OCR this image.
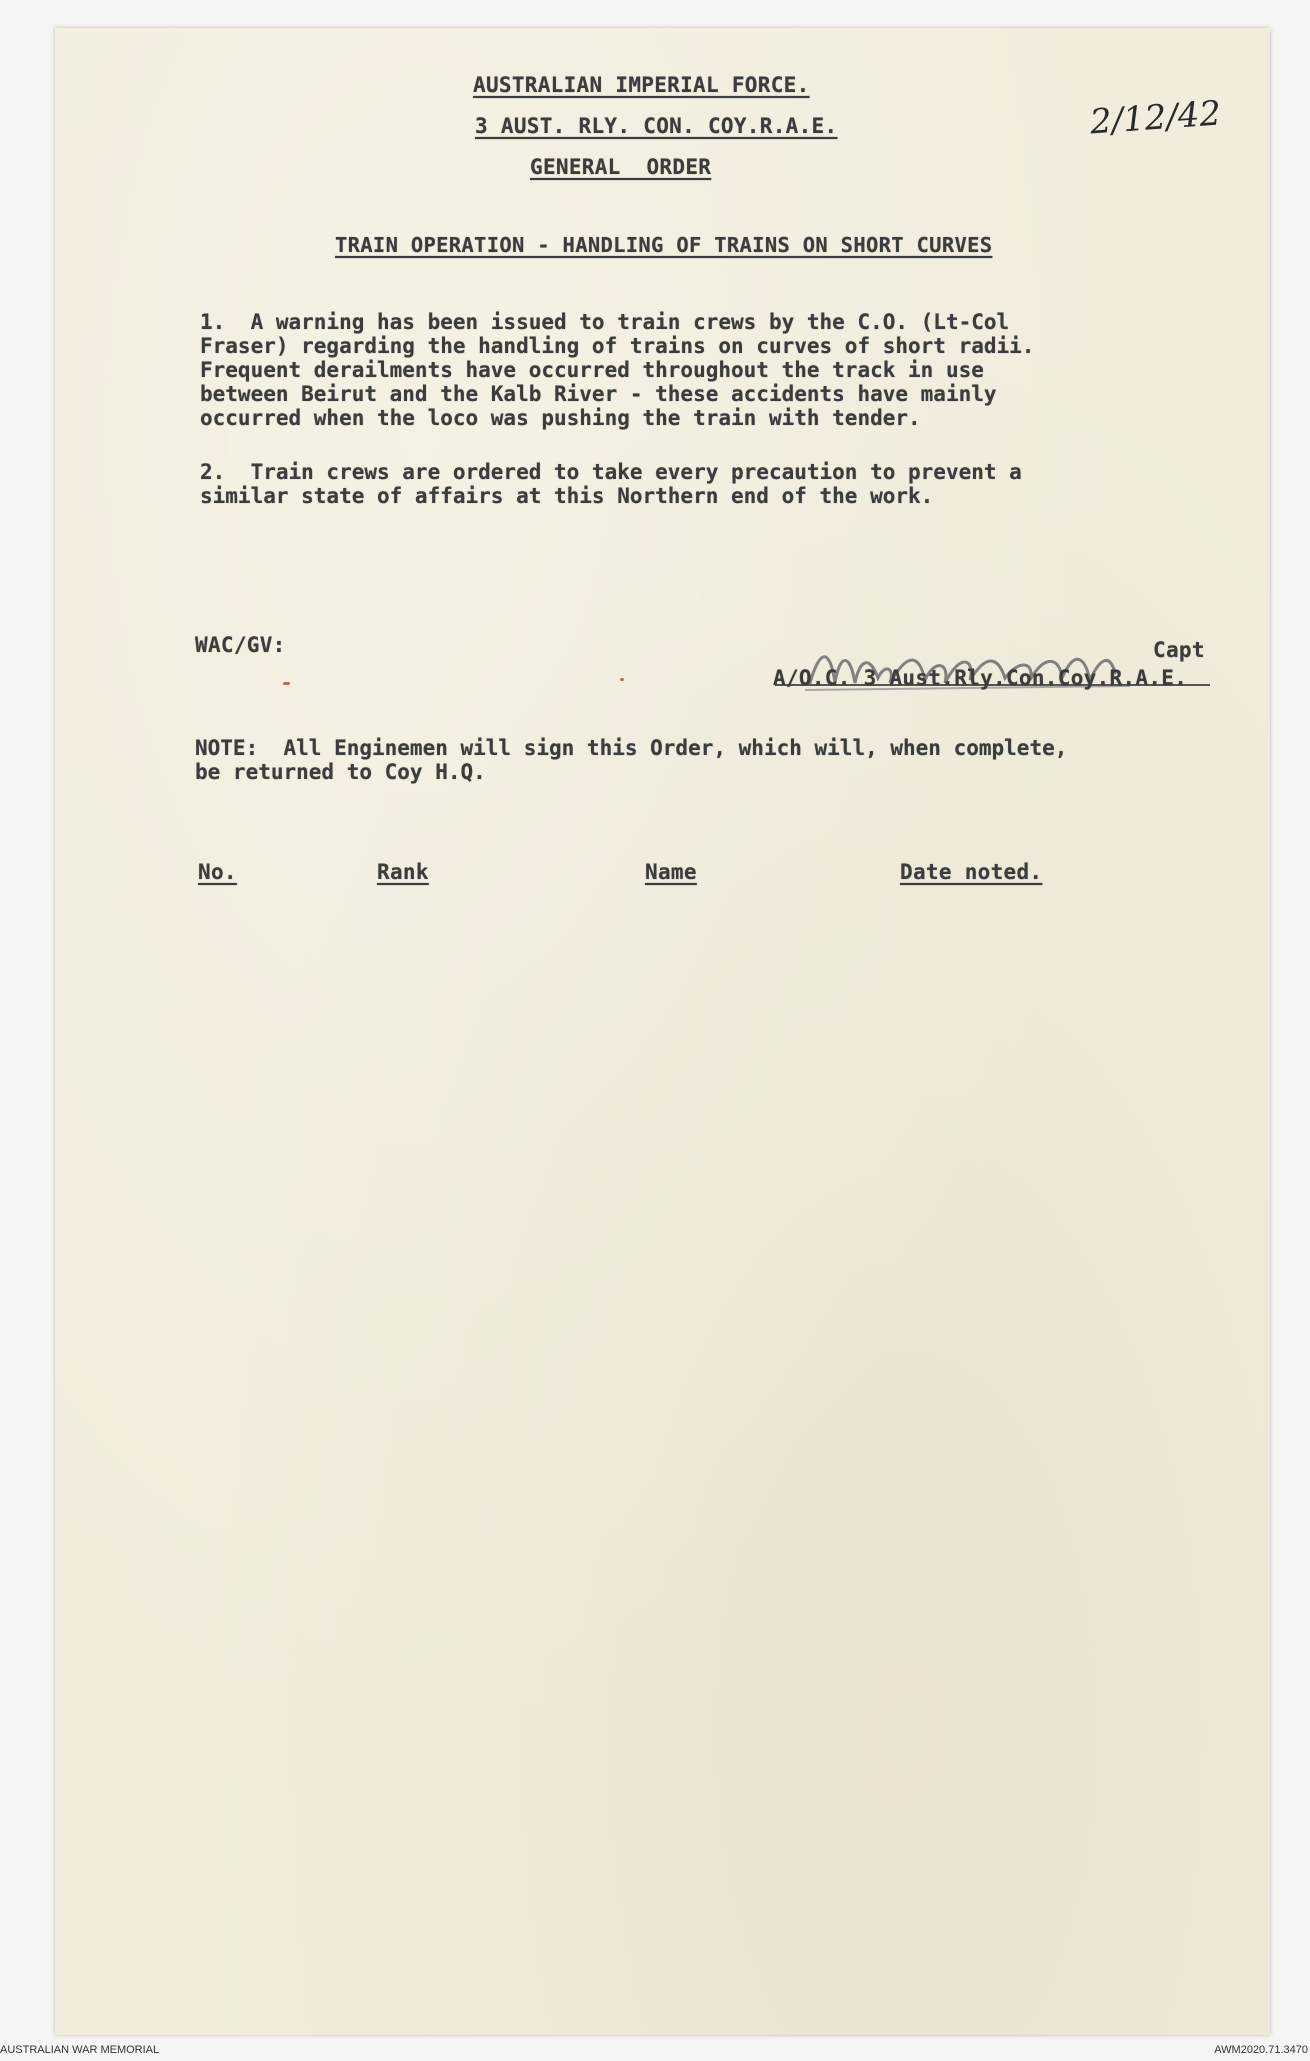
AUSTRALIAN IMPERIAL FORCE.
3 AUST. RLY. CON. COY.R.A.E.
GENERAL  ORDER
2/12/42
TRAIN OPERATION - HANDLING OF TRAINS ON SHORT CURVES
1.  A warning has been issued to train crews by the C.O. (Lt-Col
Fraser) regarding the handling of trains on curves of short radii.
Frequent derailments have occurred throughout the track in use
between Beirut and the Kalb River - these accidents have mainly
occurred when the loco was pushing the train with tender.
2.  Train crews are ordered to take every precaution to prevent a
similar state of affairs at this Northern end of the work.
WAC/GV:	Capt
A/O.C. 3 Aust.Rly.Con.Coy.R.A.E.
NOTE:  All Enginemen will sign this Order, which will, when complete,
be returned to Coy H.Q.
No.	Rank	Name	Date noted.
AUSTRALIAN WAR MEMORIAL	AWM2020.71.3470
